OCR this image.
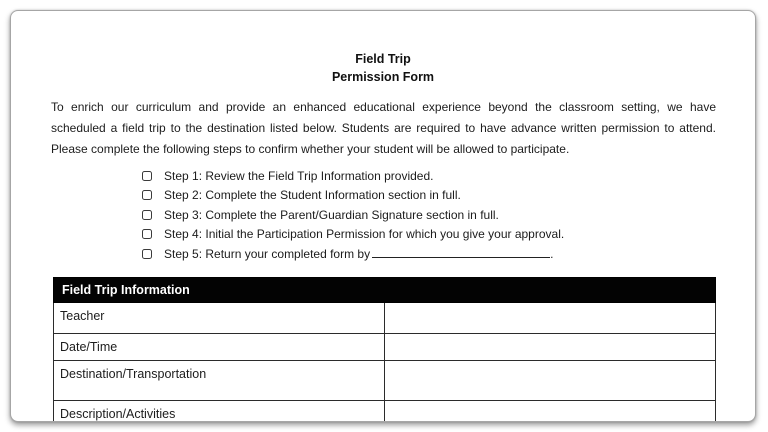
Field Trip
Permission Form
To enrich our curriculum and provide an enhanced educational experience beyond the classroom setting, we have
scheduled a field trip to the destination listed below. Students are required to have advance written permission to attend.
Please complete the following steps to confirm whether your student will be allowed to participate.
Step 1: Review the Field Trip Information provided.
Step 2: Complete the Student Information section in full.
Step 3: Complete the Parent/Guardian Signature section in full.
Step 4: Initial the Participation Permission for which you give your approval.
Step 5: Return your completed form by	.
Field Trip Information	
Teacher	
Date/Time	
Destination/Transportation	
Description/Activities	
